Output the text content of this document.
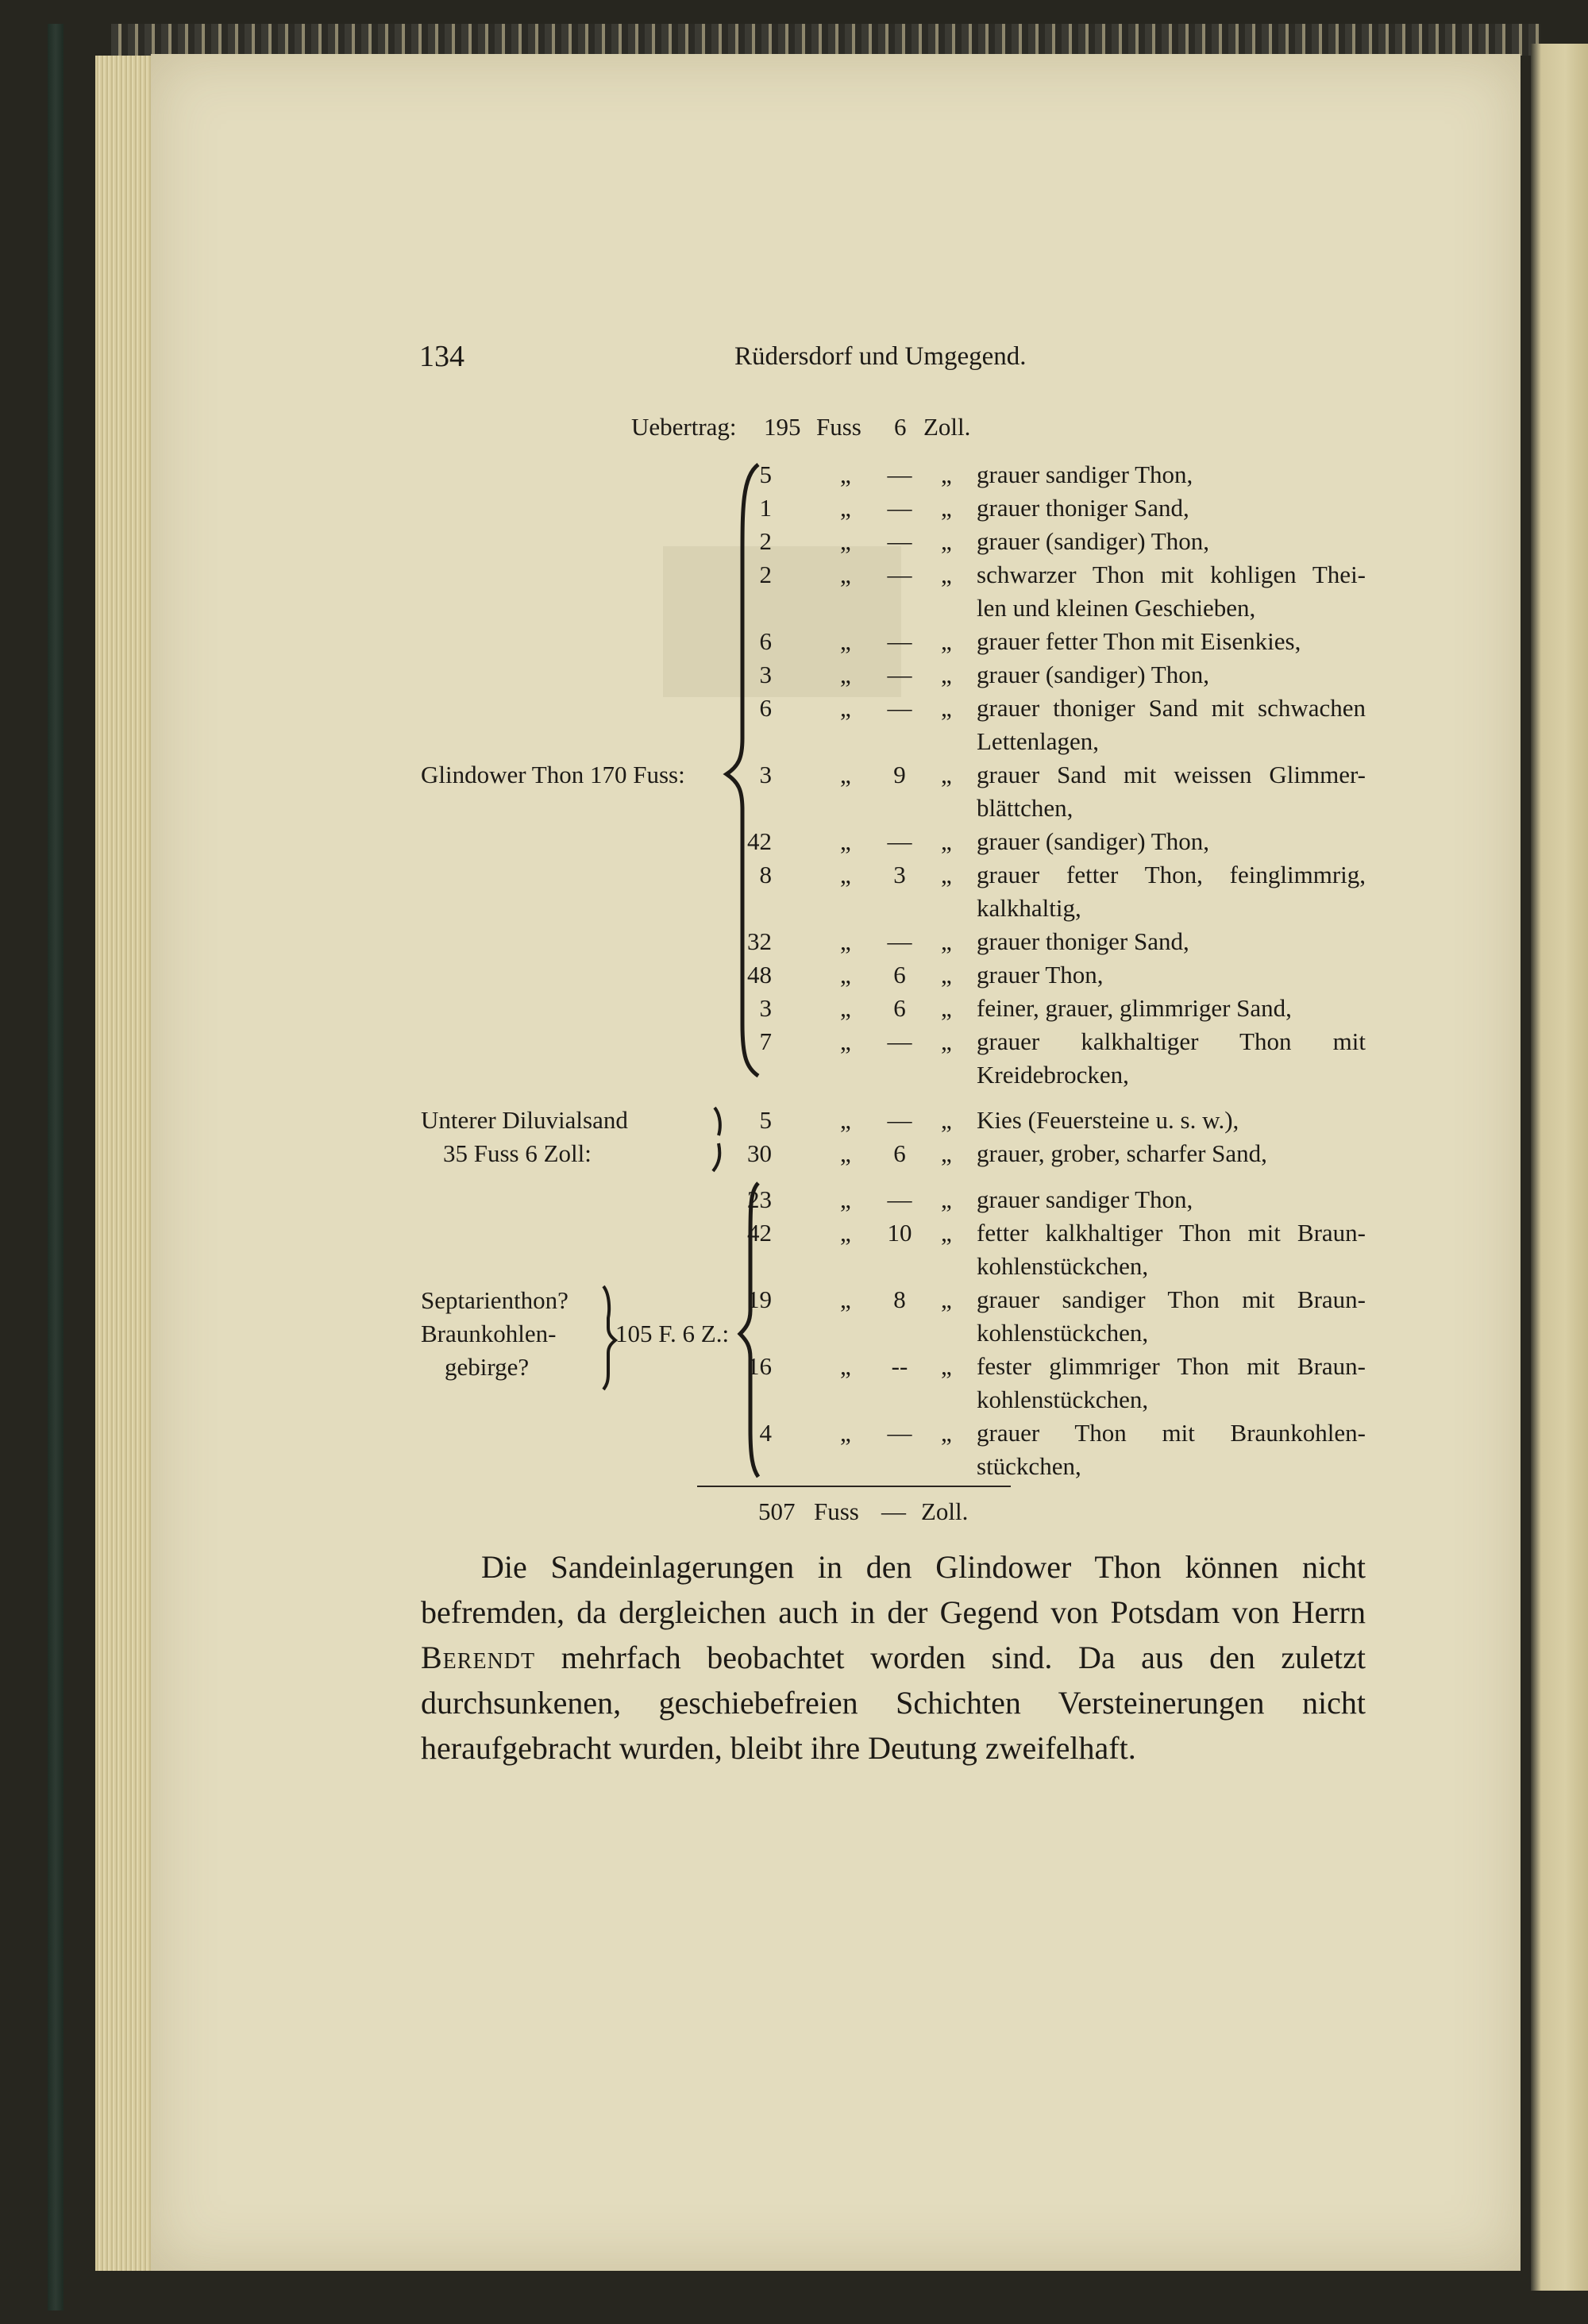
134	Rüdersdorf und Umgegend.
Uebertrag: 195 Fuss 6 Zoll.
Glindower Thon 170 Fuss:
5	„	—	„ grauer sandiger Thon,
1	„	—	„ grauer thoniger Sand,
2	„	—	„ grauer (sandiger) Thon,
2	„	—	„ schwarzer Thon mit kohligen Thei-
len und kleinen Geschieben,
6	„	—	„ grauer fetter Thon mit Eisenkies,
3	„	—	„ grauer (sandiger) Thon,
6	„	—	„ grauer thoniger Sand mit schwachen
Lettenlagen,
3	„	9	„ grauer Sand mit weissen Glimmer-
blättchen,
42	„	—	„ grauer (sandiger) Thon,
8	„	3	„ grauer fetter Thon, feinglimmrig,
kalkhaltig,
32	„	—	„ grauer thoniger Sand,
48	„	6	„ grauer Thon,
3	„	6	„ feiner, grauer, glimmriger Sand,
7	„	—	„ grauer kalkhaltiger Thon mit
Kreidebrocken,
Unterer Diluvialsand
35 Fuss 6 Zoll:
5	„	—	„ Kies (Feuersteine u. s. w.),
30	„	6	„ grauer, grober, scharfer Sand,
Septarienthon?
Braunkohlen-
gebirge?
105 F. 6 Z.:
23	„	—	„ grauer sandiger Thon,
42	„	10	„ fetter kalkhaltiger Thon mit Braun-
kohlenstückchen,
19	„	8	„ grauer sandiger Thon mit Braun-
kohlenstückchen,
16	„	--	„ fester glimmriger Thon mit Braun-
kohlenstückchen,
4	„	—	„ grauer Thon mit Braunkohlen-
stückchen,
507 Fuss — Zoll.
Die Sandeinlagerungen in den Glindower Thon können nicht befremden, da dergleichen auch in der Gegend von Potsdam von Herrn Berendt mehrfach beobachtet worden sind. Da aus den zuletzt durchsunkenen, geschiebefreien Schichten Versteinerungen nicht heraufgebracht wurden, bleibt ihre Deutung zweifelhaft.
